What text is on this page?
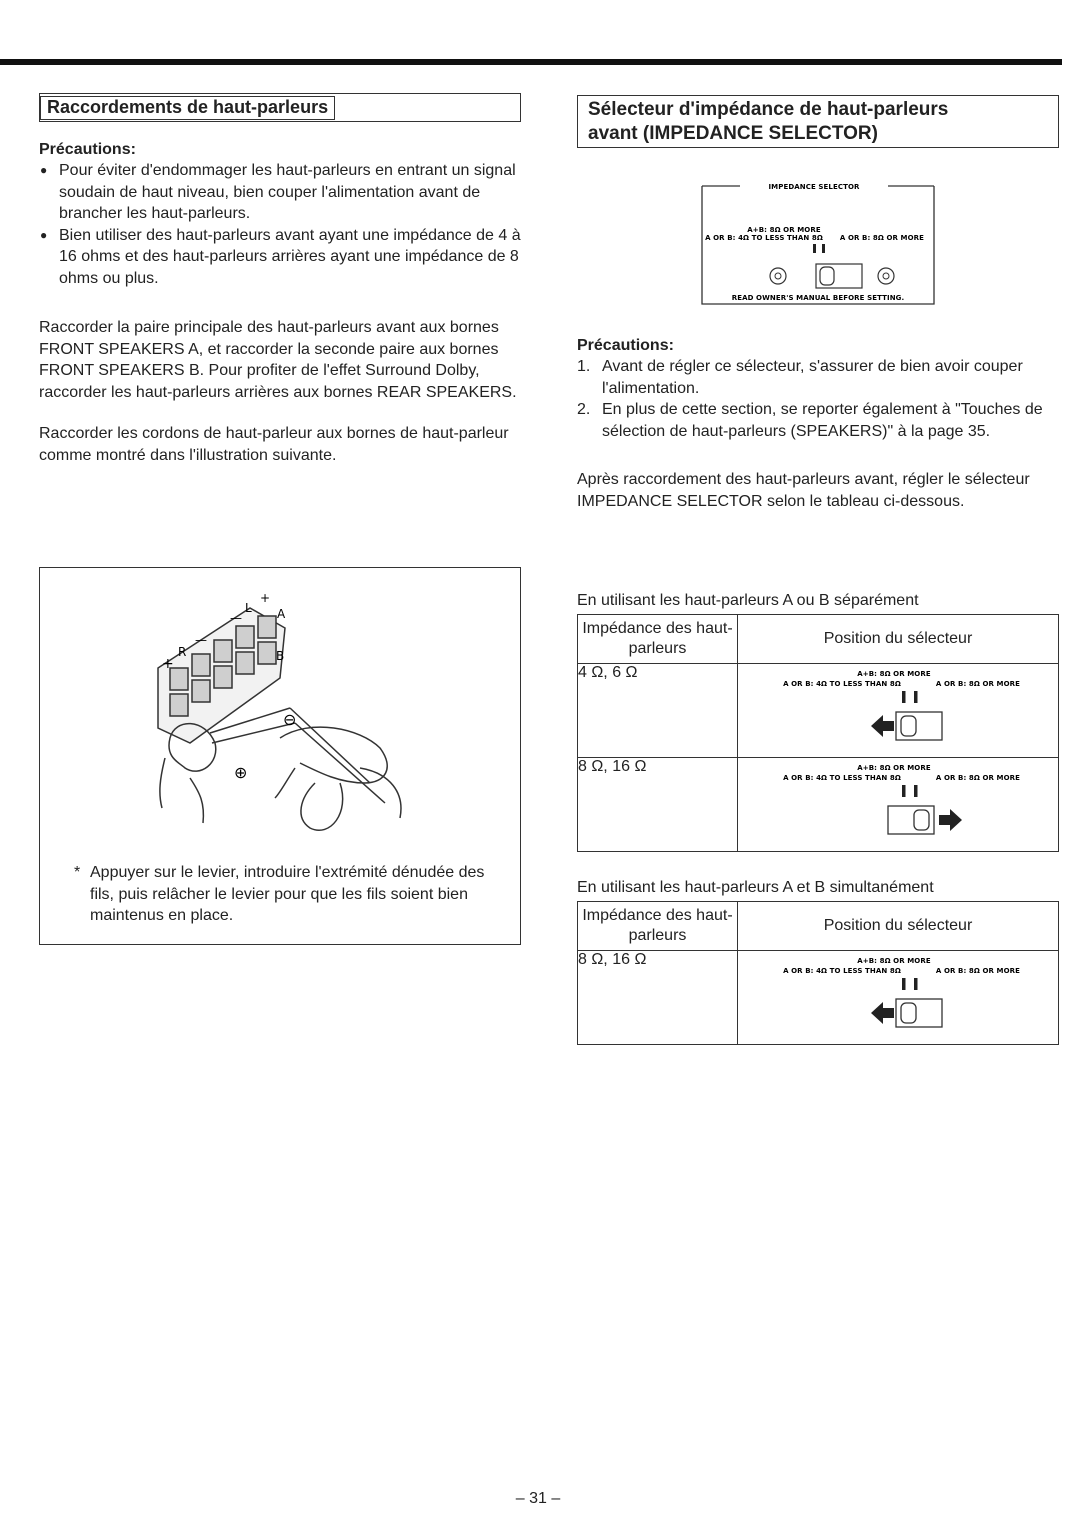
Raccordements de haut-parleurs
Précautions:
● Pour éviter d'endommager les haut-parleurs en entrant un signal soudain de haut niveau, bien couper l'alimentation avant de brancher les haut-parleurs.
● Bien utiliser des haut-parleurs avant ayant une impédance de 4 à 16 ohms et des haut-parleurs arrières ayant une impédance de 8 ohms ou plus.
Raccorder la paire principale des haut-parleurs avant aux bornes FRONT SPEAKERS A, et raccorder la seconde paire aux bornes FRONT SPEAKERS B. Pour profiter de l'effet Surround Dolby, raccorder les haut-parleurs arrières aux bornes REAR SPEAKERS.
Raccorder les cordons de haut-parleur aux bornes de haut-parleur comme montré dans l'illustration suivante.
+
R
—
—
L
+
A
B
⊖
⊕
* Appuyer sur le levier, introduire l'extrémité dénudée des fils, puis relâcher le levier pour que les fils soient bien maintenus en place.
Sélecteur d'impédance de haut-parleurs
avant (IMPEDANCE SELECTOR)
IMPEDANCE SELECTOR
A+B: 8Ω OR MORE
A OR B: 4Ω TO LESS THAN 8Ω A OR B: 8Ω OR MORE
READ OWNER'S MANUAL BEFORE SETTING.
Précautions:
1. Avant de régler ce sélecteur, s'assurer de bien avoir couper l'alimentation.
2. En plus de cette section, se reporter également à "Touches de sélection de haut-parleurs (SPEAKERS)" à la page 35.
Après raccordement des haut-parleurs avant, régler le sélecteur IMPEDANCE SELECTOR selon le tableau ci-dessous.
En utilisant les haut-parleurs A ou B séparément
Impédance des haut-parleurs	Position du sélecteur
4 Ω, 6 Ω	A+B: 8Ω OR MORE
A OR B: 4Ω TO LESS THAN 8Ω A OR B: 8Ω OR MORE

8 Ω, 16 Ω	A+B: 8Ω OR MORE
A OR B: 4Ω TO LESS THAN 8Ω A OR B: 8Ω OR MORE
En utilisant les haut-parleurs A et B simultanément
Impédance des haut-parleurs	Position du sélecteur
8 Ω, 16 Ω	A+B: 8Ω OR MORE
A OR B: 4Ω TO LESS THAN 8Ω A OR B: 8Ω OR MORE
– 31 –
